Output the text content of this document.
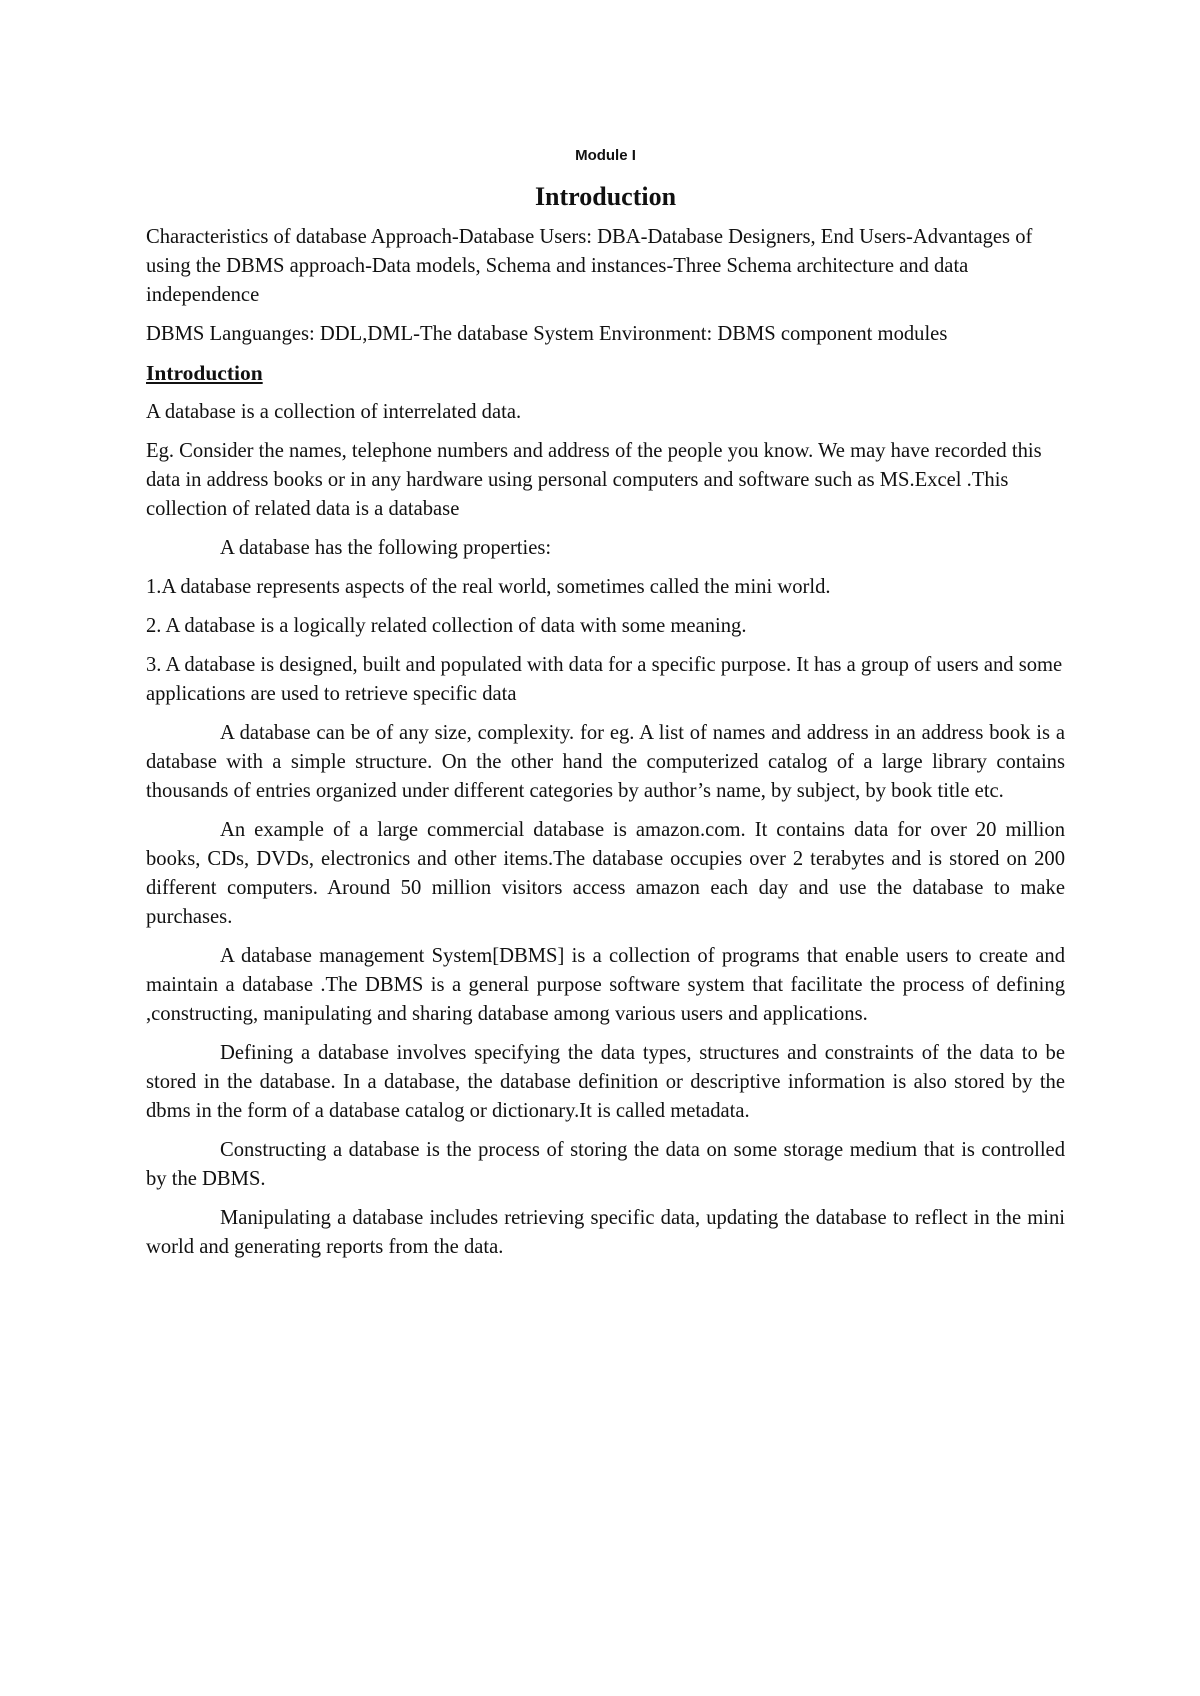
Module I
Introduction

Characteristics of database Approach-Database Users: DBA-Database Designers, End Users-Advantages of using the DBMS approach-Data models, Schema and instances-Three Schema architecture and data independence

DBMS Languanges: DDL,DML-The database System Environment: DBMS component modules

Introduction

A database is a collection of interrelated data.

Eg. Consider the names, telephone numbers and address of the people you know. We may have recorded this data in address books or in any hardware using personal computers and software such as MS.Excel .This collection of related data is a database

A database has the following properties:

1.A database represents aspects of the real world, sometimes called the mini world.

2. A database is a logically related collection of data with some meaning.

3. A database is designed, built and populated with data for a specific purpose. It has a group of users and some applications are used to retrieve specific data

A database can be of any size, complexity. for eg. A list of names and address in an address book is a database with a simple structure. On the other hand the computerized catalog of a large library contains thousands of entries organized under different categories by author’s name, by subject, by book title etc.

An example of a large commercial database is amazon.com. It contains data for over 20 million books, CDs, DVDs, electronics and other items.The database occupies over 2 terabytes and is stored on 200 different computers. Around 50 million visitors access amazon each day and use the database to make purchases.

A database management System[DBMS] is a collection of programs that enable users to create and maintain a database .The DBMS is a general purpose software system that facilitate the process of defining ,constructing, manipulating and sharing database among various users and applications.

Defining a database involves specifying the data types, structures and constraints of the data to be stored in the database. In a database, the database definition or descriptive information is also stored by the dbms in the form of a database catalog or dictionary.It is called metadata.

Constructing a database is the process of storing the data on some storage medium that is controlled by the DBMS.

Manipulating a database includes retrieving specific data, updating the database to reflect in the mini world and generating reports from the data.
